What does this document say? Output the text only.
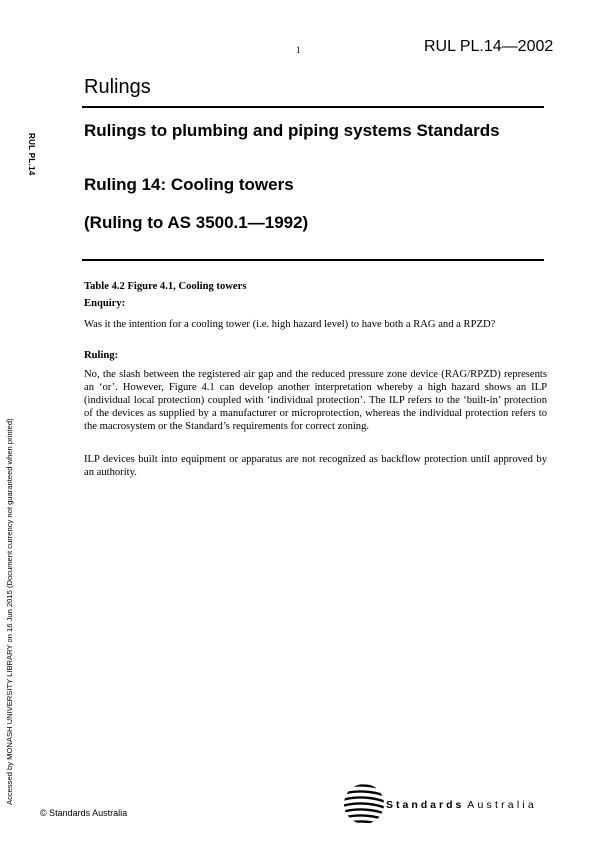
1	RUL PL.14—2002
Rulings
RUL PL.14
Accessed by MONASH UNIVERSITY LIBRARY on 16 Jun 2015 (Document currency not guaranteed when printed)
Rulings to plumbing and piping systems Standards
Ruling 14: Cooling towers
(Ruling to AS 3500.1—1992)
Table 4.2 Figure 4.1, Cooling towers
Enquiry:
Was it the intention for a cooling tower (i.e. high hazard level) to have both a RAG and a RPZD?
Ruling:
No, the slash between the registered air gap and the reduced pressure zone device (RAG/RPZD) represents an ‘or’. However, Figure 4.1 can develop another interpretation whereby a high hazard shows an ILP (individual local protection) coupled with ‘individual protection’. The ILP refers to the ‘built-in’ protection of the devices as supplied by a manufacturer or microprotection, whereas the individual protection refers to the macrosystem or the Standard’s requirements for correct zoning.
ILP devices built into equipment or apparatus are not recognized as backflow protection until approved by an authority.
© Standards Australia
Standards Australia
